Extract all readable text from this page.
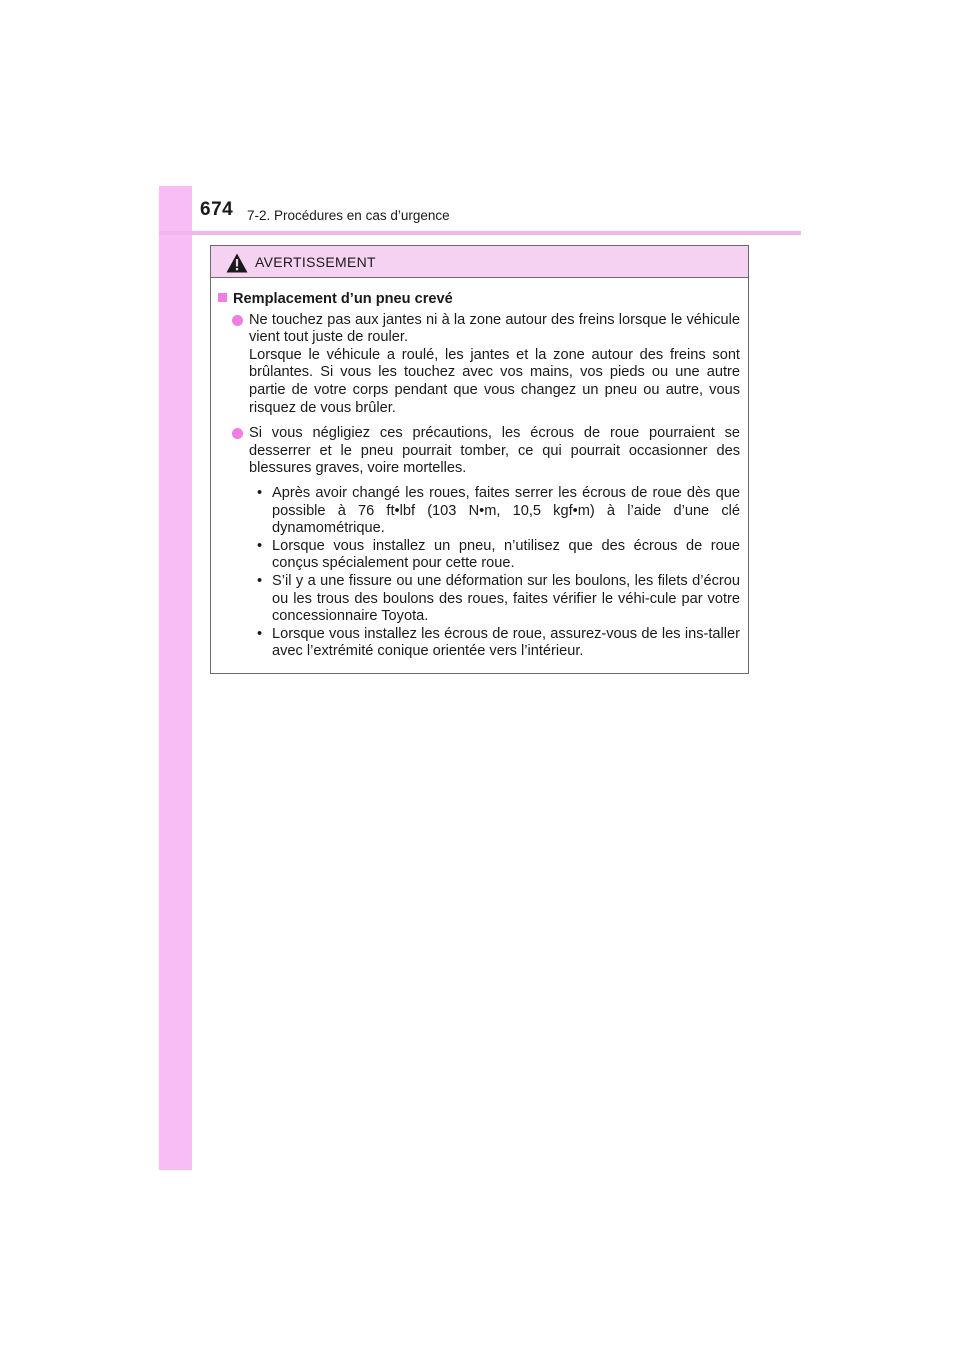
674 7-2. Procédures en cas d’urgence
AVERTISSEMENT
Remplacement d’un pneu crevé

Ne touchez pas aux jantes ni à la zone autour des freins lorsque le véhicule vient tout juste de rouler.

Lorsque le véhicule a roulé, les jantes et la zone autour des freins sont brûlantes. Si vous les touchez avec vos mains, vos pieds ou une autre partie de votre corps pendant que vous changez un pneu ou autre, vous risquez de vous brûler.

Si vous négligiez ces précautions, les écrous de roue pourraient se desserrer et le pneu pourrait tomber, ce qui pourrait occasionner des blessures graves, voire mortelles.

• Après avoir changé les roues, faites serrer les écrous de roue dès que possible à 76 ft•lbf (103 N•m, 10,5 kgf•m) à l’aide d’une clé dynamométrique.
• Lorsque vous installez un pneu, n’utilisez que des écrous de roue conçus spécialement pour cette roue.
• S’il y a une fissure ou une déformation sur les boulons, les filets d’écrou ou les trous des boulons des roues, faites vérifier le véhi-cule par votre concessionnaire Toyota.
• Lorsque vous installez les écrous de roue, assurez-vous de les ins-taller avec l’extrémité conique orientée vers l’intérieur.
